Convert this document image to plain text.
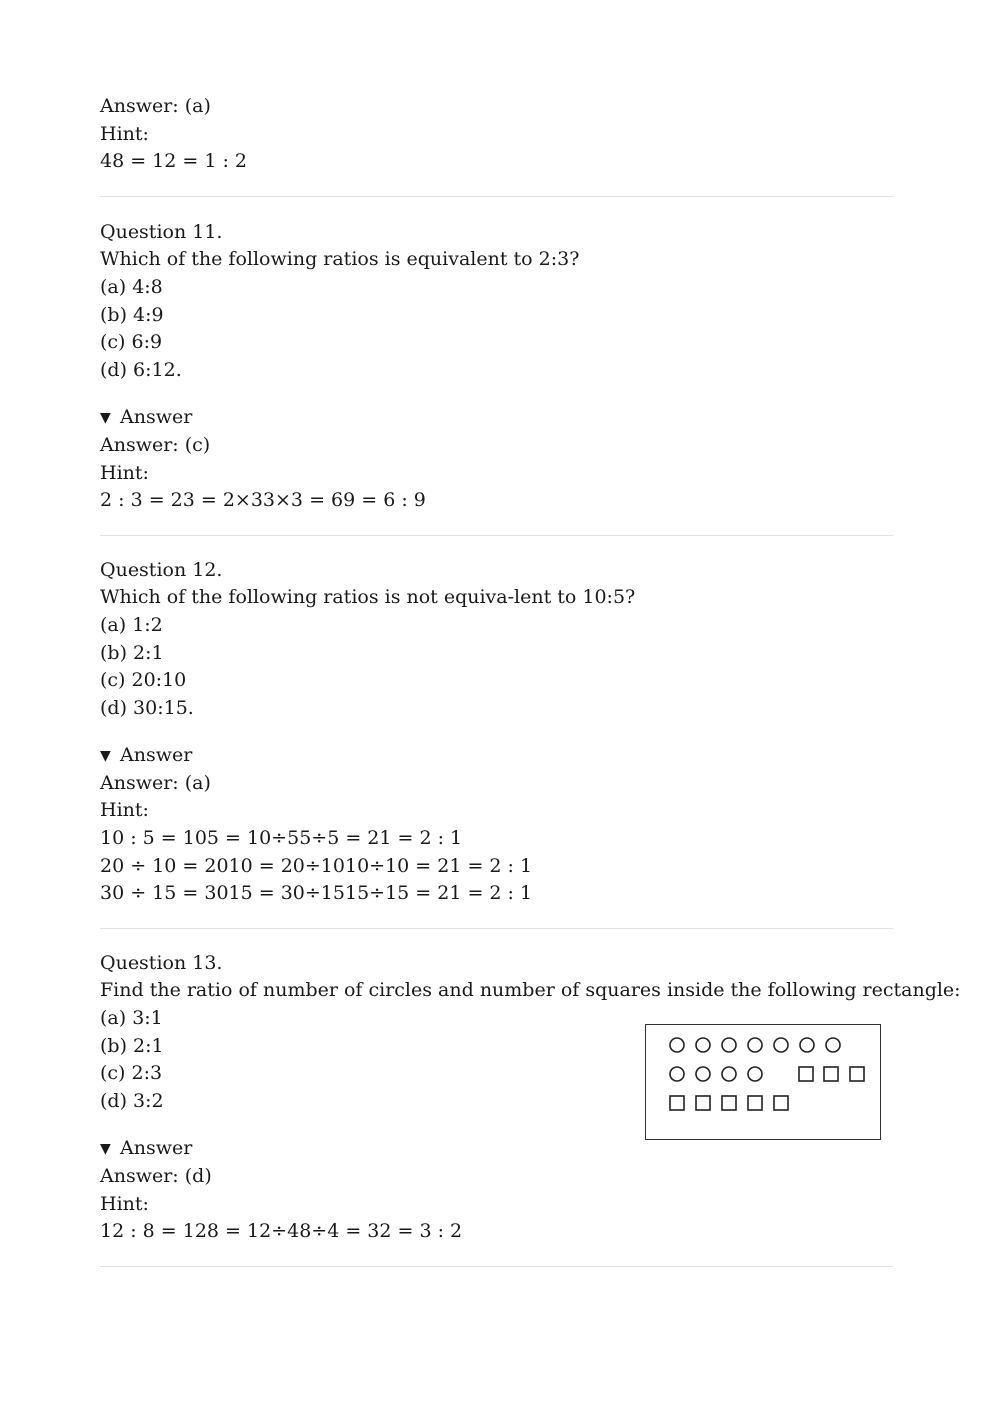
Answer: (a)
Hint:
48 = 12 = 1 : 2
Question 11.
Which of the following ratios is equivalent to 2:3?
(a) 4:8
(b) 4:9
(c) 6:9
(d) 6:12.
▼ Answer
Answer: (c)
Hint:
2 : 3 = 23 = 2×33×3 = 69 = 6 : 9
Question 12.
Which of the following ratios is not equiva-lent to 10:5?
(a) 1:2
(b) 2:1
(c) 20:10
(d) 30:15.
▼ Answer
Answer: (a)
Hint:
10 : 5 = 105 = 10÷55÷5 = 21 = 2 : 1
20 ÷ 10 = 2010 = 20÷1010÷10 = 21 = 2 : 1
30 ÷ 15 = 3015 = 30÷1515÷15 = 21 = 2 : 1
Question 13.
Find the ratio of number of circles and number of squares inside the following rectangle:
(a) 3:1
(b) 2:1
(c) 2:3
(d) 3:2
▼ Answer
Answer: (d)
Hint:
12 : 8 = 128 = 12÷48÷4 = 32 = 3 : 2
